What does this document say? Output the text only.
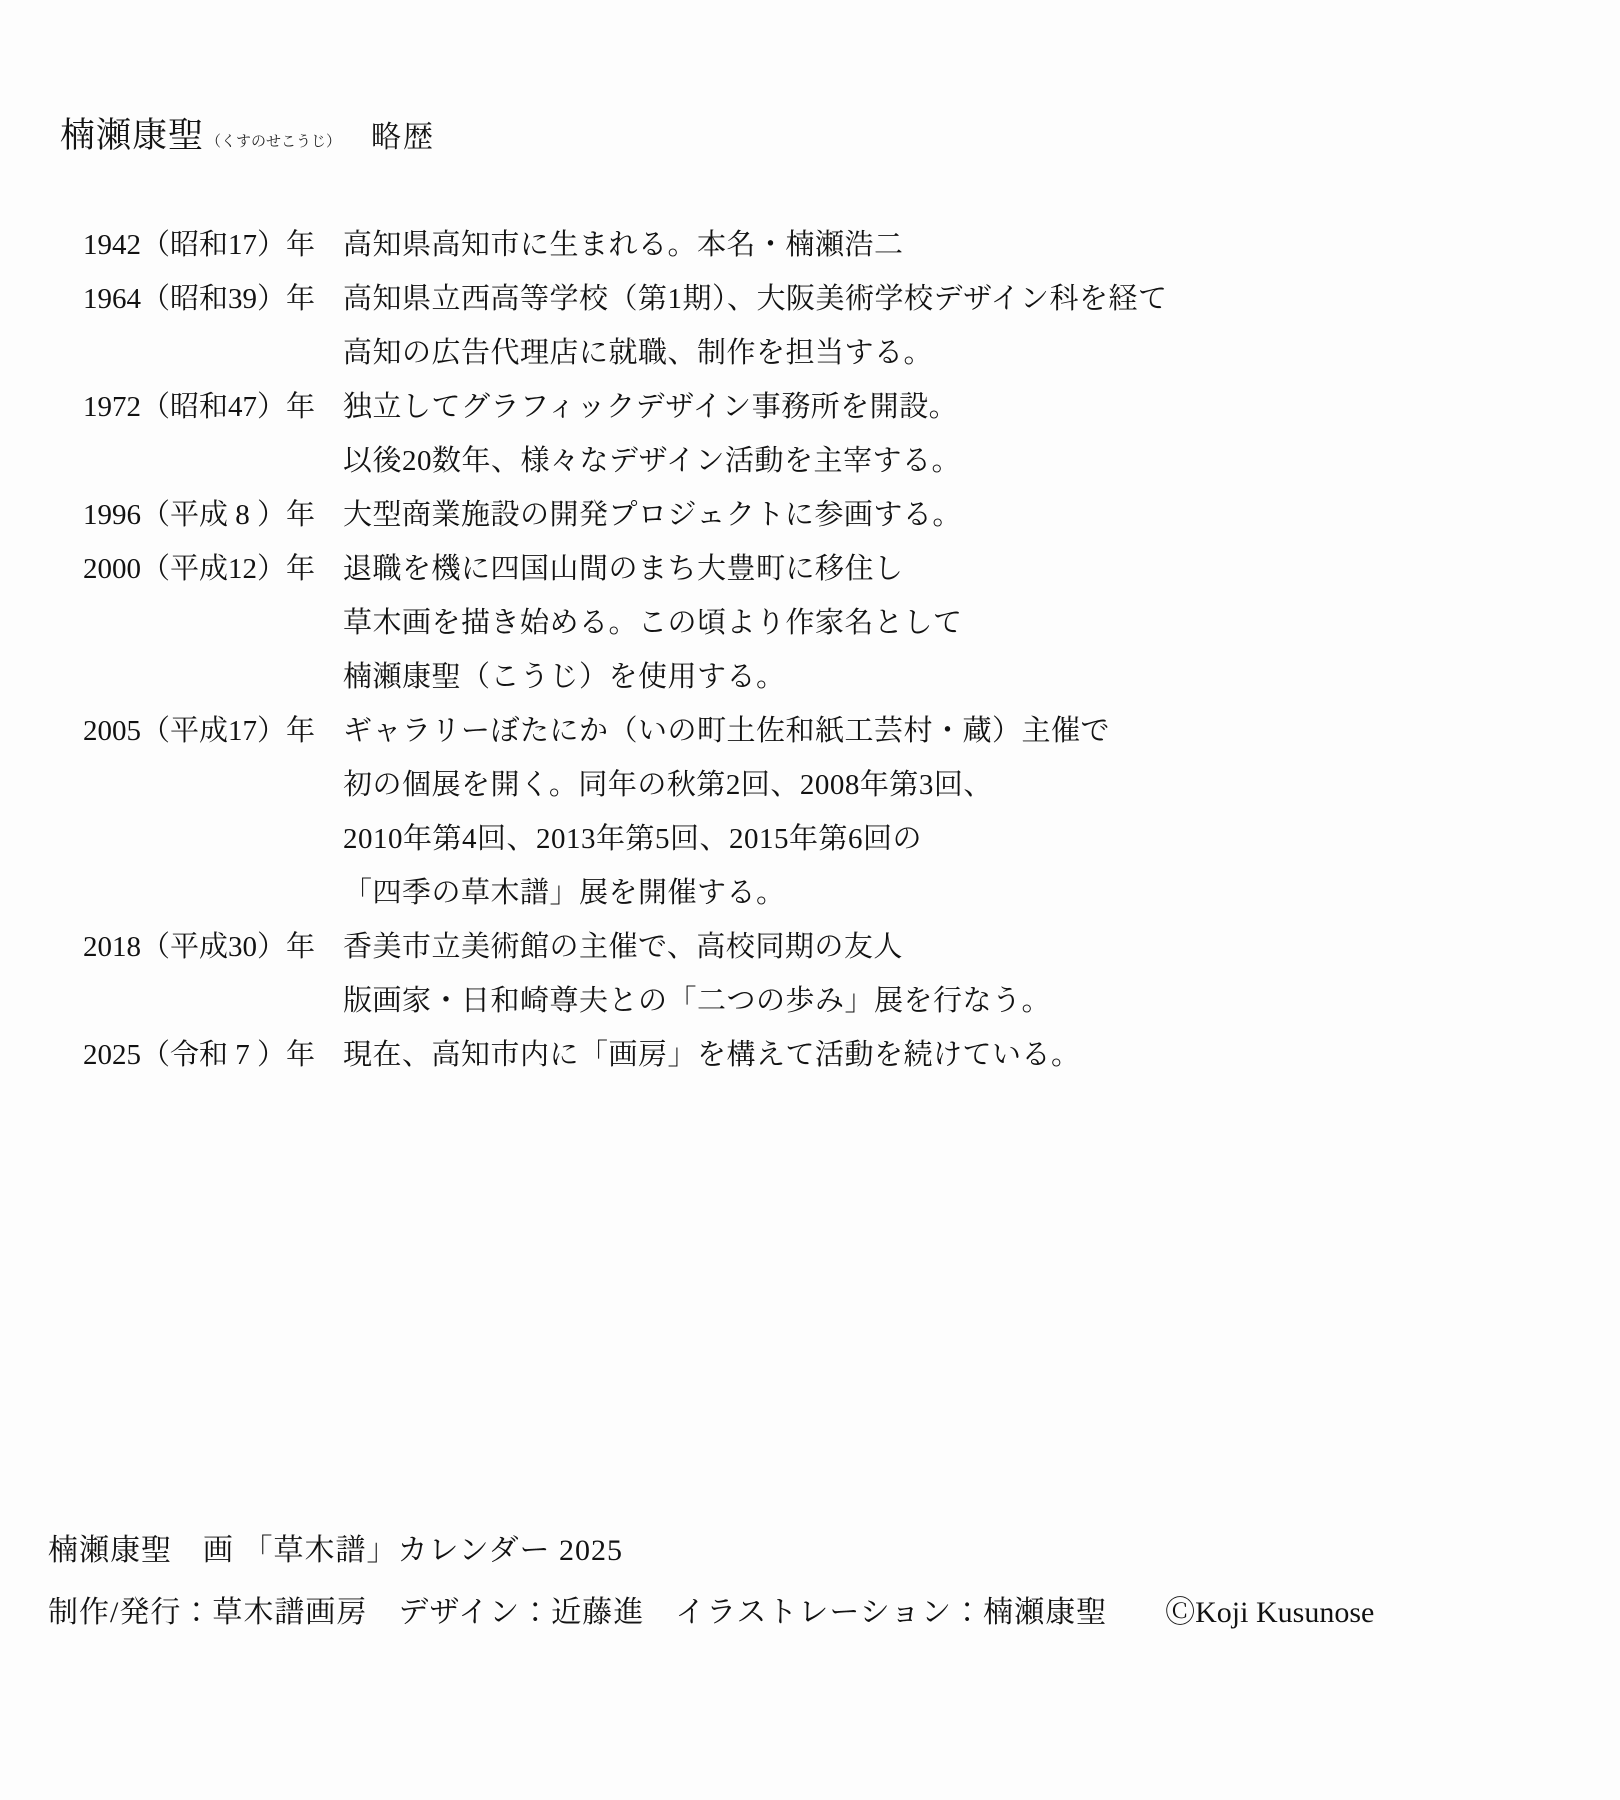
楠瀬康聖 （くすのせこうじ） 略歴
1942（昭和17）年 高知県高知市に生まれる。本名・楠瀬浩二
1964（昭和39）年 高知県立西高等学校（第1期）、大阪美術学校デザイン科を経て
高知の広告代理店に就職、制作を担当する。
1972（昭和47）年 独立してグラフィックデザイン事務所を開設。
以後20数年、様々なデザイン活動を主宰する。
1996（平成 8 ）年 大型商業施設の開発プロジェクトに参画する。
2000（平成12）年 退職を機に四国山間のまち大豊町に移住し
草木画を描き始める。この頃より作家名として
楠瀬康聖（こうじ）を使用する。
2005（平成17）年 ギャラリーぼたにか（いの町土佐和紙工芸村・蔵）主催で
初の個展を開く。同年の秋第2回、2008年第3回、
2010年第4回、2013年第5回、2015年第6回の
「四季の草木譜」展を開催する。
2018（平成30）年 香美市立美術館の主催で、高校同期の友人
版画家・日和崎尊夫との「二つの歩み」展を行なう。
2025（令和 7 ）年 現在、高知市内に「画房」を構えて活動を続けている。
楠瀬康聖　画 「草木譜」カレンダー 2025
制作/発行：草木譜画房　デザイン：近藤進　イラストレーション：楠瀬康聖 ⒸKoji Kusunose
